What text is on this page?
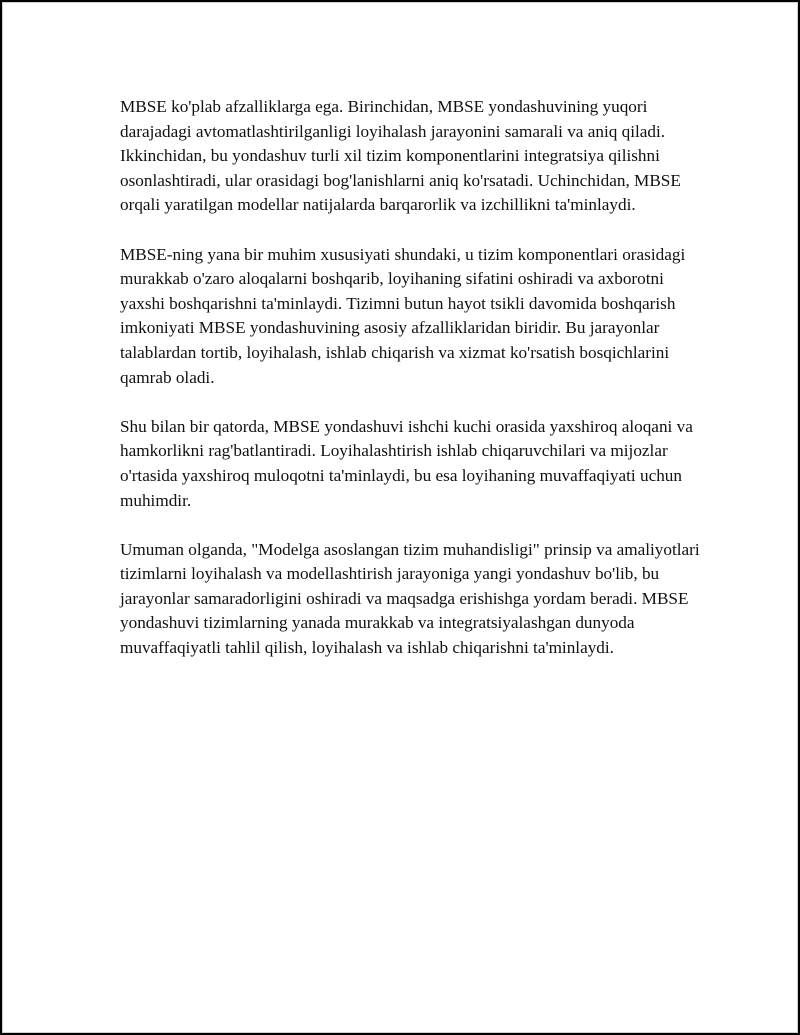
MBSE ko'plab afzalliklarga ega. Birinchidan, MBSE yondashuvining yuqori darajadagi avtomatlashtirilganligi loyihalash jarayonini samarali va aniq qiladi. Ikkinchidan, bu yondashuv turli xil tizim komponentlarini integratsiya qilishni osonlashtiradi, ular orasidagi bog'lanishlarni aniq ko'rsatadi. Uchinchidan, MBSE orqali yaratilgan modellar natijalarda barqarorlik va izchillikni ta'minlaydi.

MBSE-ning yana bir muhim xususiyati shundaki, u tizim komponentlari orasidagi murakkab o'zaro aloqalarni boshqarib, loyihaning sifatini oshiradi va axborotni yaxshi boshqarishni ta'minlaydi. Tizimni butun hayot tsikli davomida boshqarish imkoniyati MBSE yondashuvining asosiy afzalliklaridan biridir. Bu jarayonlar talablardan tortib, loyihalash, ishlab chiqarish va xizmat ko'rsatish bosqichlarini qamrab oladi.

Shu bilan bir qatorda, MBSE yondashuvi ishchi kuchi orasida yaxshiroq aloqani va hamkorlikni rag'batlantiradi. Loyihalashtirish ishlab chiqaruvchilari va mijozlar o'rtasida yaxshiroq muloqotni ta'minlaydi, bu esa loyihaning muvaffaqiyati uchun muhimdir.

Umuman olganda, "Modelga asoslangan tizim muhandisligi" prinsip va amaliyotlari tizimlarni loyihalash va modellashtirish jarayoniga yangi yondashuv bo'lib, bu jarayonlar samaradorligini oshiradi va maqsadga erishishga yordam beradi. MBSE yondashuvi tizimlarning yanada murakkab va integratsiyalashgan dunyoda muvaffaqiyatli tahlil qilish, loyihalash va ishlab chiqarishni ta'minlaydi.
